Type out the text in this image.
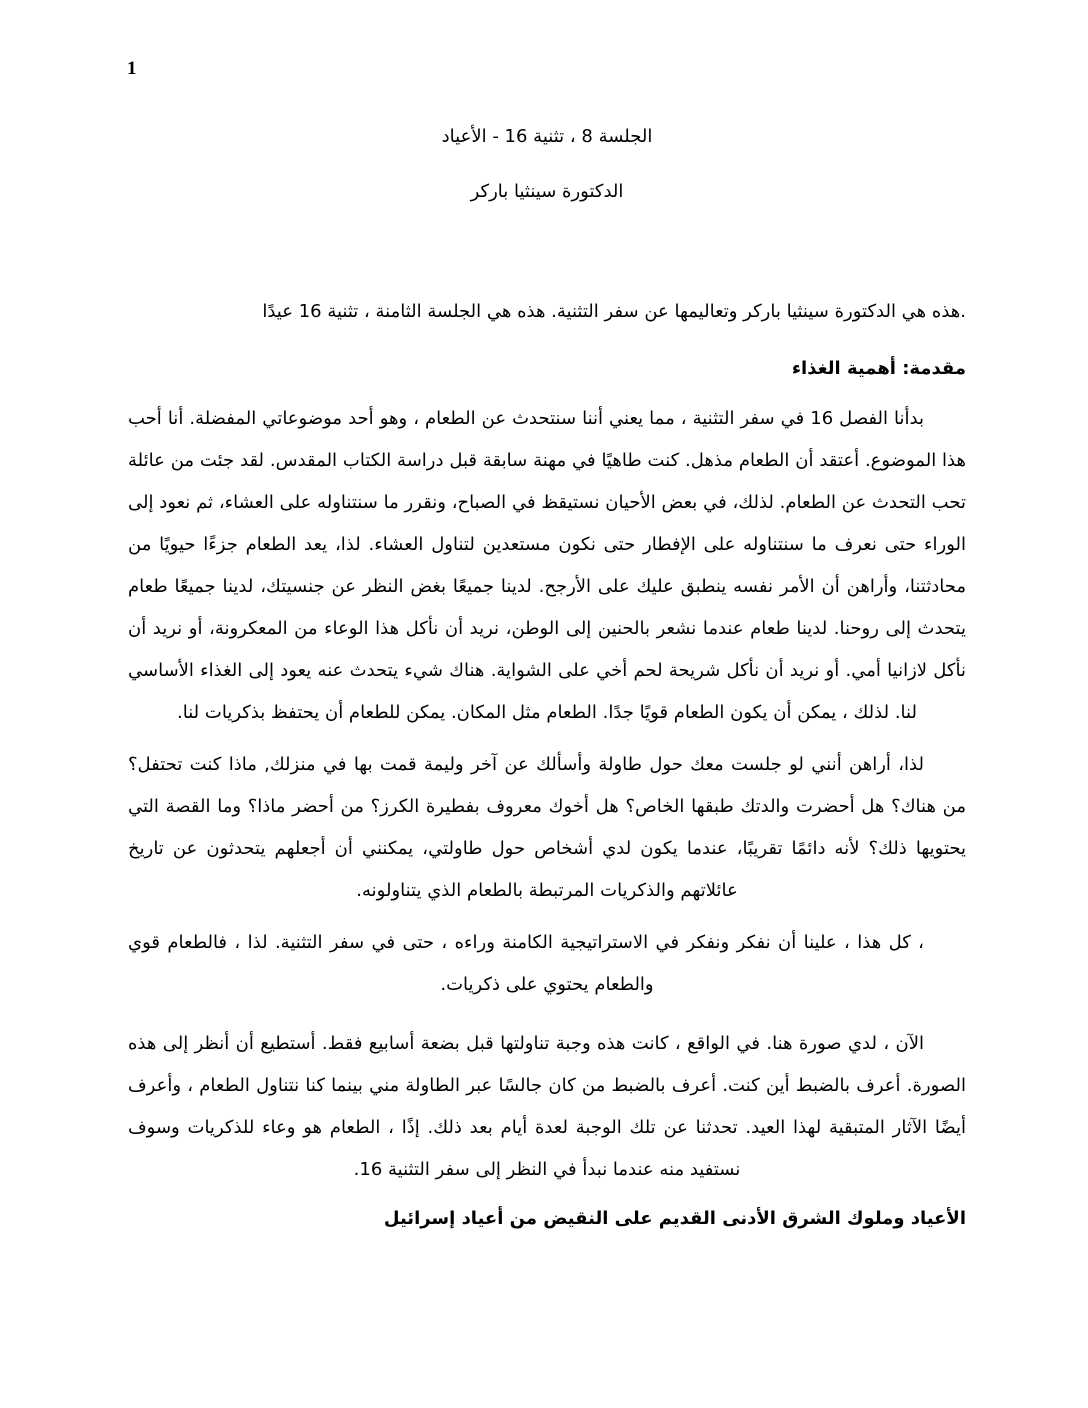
1
الجلسة 8 ، تثنية 16 - الأعياد
الدكتورة سينثيا باركر
.هذه هي الدكتورة سينثيا باركر وتعاليمها عن سفر التثنية. هذه هي الجلسة الثامنة ، تثنية 16 عيدًا
مقدمة: أهمية الغذاء
بدأنا الفصل 16 في سفر التثنية ، مما يعني أننا سنتحدث عن الطعام ، وهو أحد موضوعاتي المفضلة. أنا أحب هذا الموضوع. أعتقد أن الطعام مذهل. كنت طاهيًا في مهنة سابقة قبل دراسة الكتاب المقدس. لقد جئت من عائلة تحب التحدث عن الطعام. لذلك، في بعض الأحيان نستيقظ في الصباح، ونقرر ما سنتناوله على العشاء، ثم نعود إلى الوراء حتى نعرف ما سنتناوله على الإفطار حتى نكون مستعدين لتناول العشاء. لذا، يعد الطعام جزءًا حيويًا من محادثتنا، وأراهن أن الأمر نفسه ينطبق عليك على الأرجح. لدينا جميعًا بغض النظر عن جنسيتك، لدينا جميعًا طعام يتحدث إلى روحنا. لدينا طعام عندما نشعر بالحنين إلى الوطن، نريد أن نأكل هذا الوعاء من المعكرونة، أو نريد أن نأكل لازانيا أمي. أو نريد أن نأكل شريحة لحم أخي على الشواية. هناك شيء يتحدث عنه يعود إلى الغذاء الأساسي لنا. لذلك ، يمكن أن يكون الطعام قويًا جدًا. الطعام مثل المكان. يمكن للطعام أن يحتفظ بذكريات لنا.
لذا، أراهن أنني لو جلست معك حول طاولة وأسألك عن آخر وليمة قمت بها في منزلك, ماذا كنت تحتفل؟ من هناك؟ هل أحضرت والدتك طبقها الخاص؟ هل أخوك معروف بفطيرة الكرز؟ من أحضر ماذا؟ وما القصة التي يحتويها ذلك؟ لأنه دائمًا تقريبًا، عندما يكون لدي أشخاص حول طاولتي، يمكنني أن أجعلهم يتحدثون عن تاريخ عائلاتهم والذكريات المرتبطة بالطعام الذي يتناولونه.
، كل هذا ، علينا أن نفكر ونفكر في الاستراتيجية الكامنة وراءه ، حتى في سفر التثنية. لذا ، فالطعام قوي والطعام يحتوي على ذكريات.
الآن ، لدي صورة هنا. في الواقع ، كانت هذه وجبة تناولتها قبل بضعة أسابيع فقط. أستطيع أن أنظر إلى هذه الصورة. أعرف بالضبط أين كنت. أعرف بالضبط من كان جالسًا عبر الطاولة مني بينما كنا نتناول الطعام ، وأعرف أيضًا الآثار المتبقية لهذا العيد. تحدثنا عن تلك الوجبة لعدة أيام بعد ذلك. إذًا ، الطعام هو وعاء للذكريات وسوف نستفيد منه عندما نبدأ في النظر إلى سفر التثنية 16.
الأعياد وملوك الشرق الأدنى القديم على النقيض من أعياد إسرائيل
